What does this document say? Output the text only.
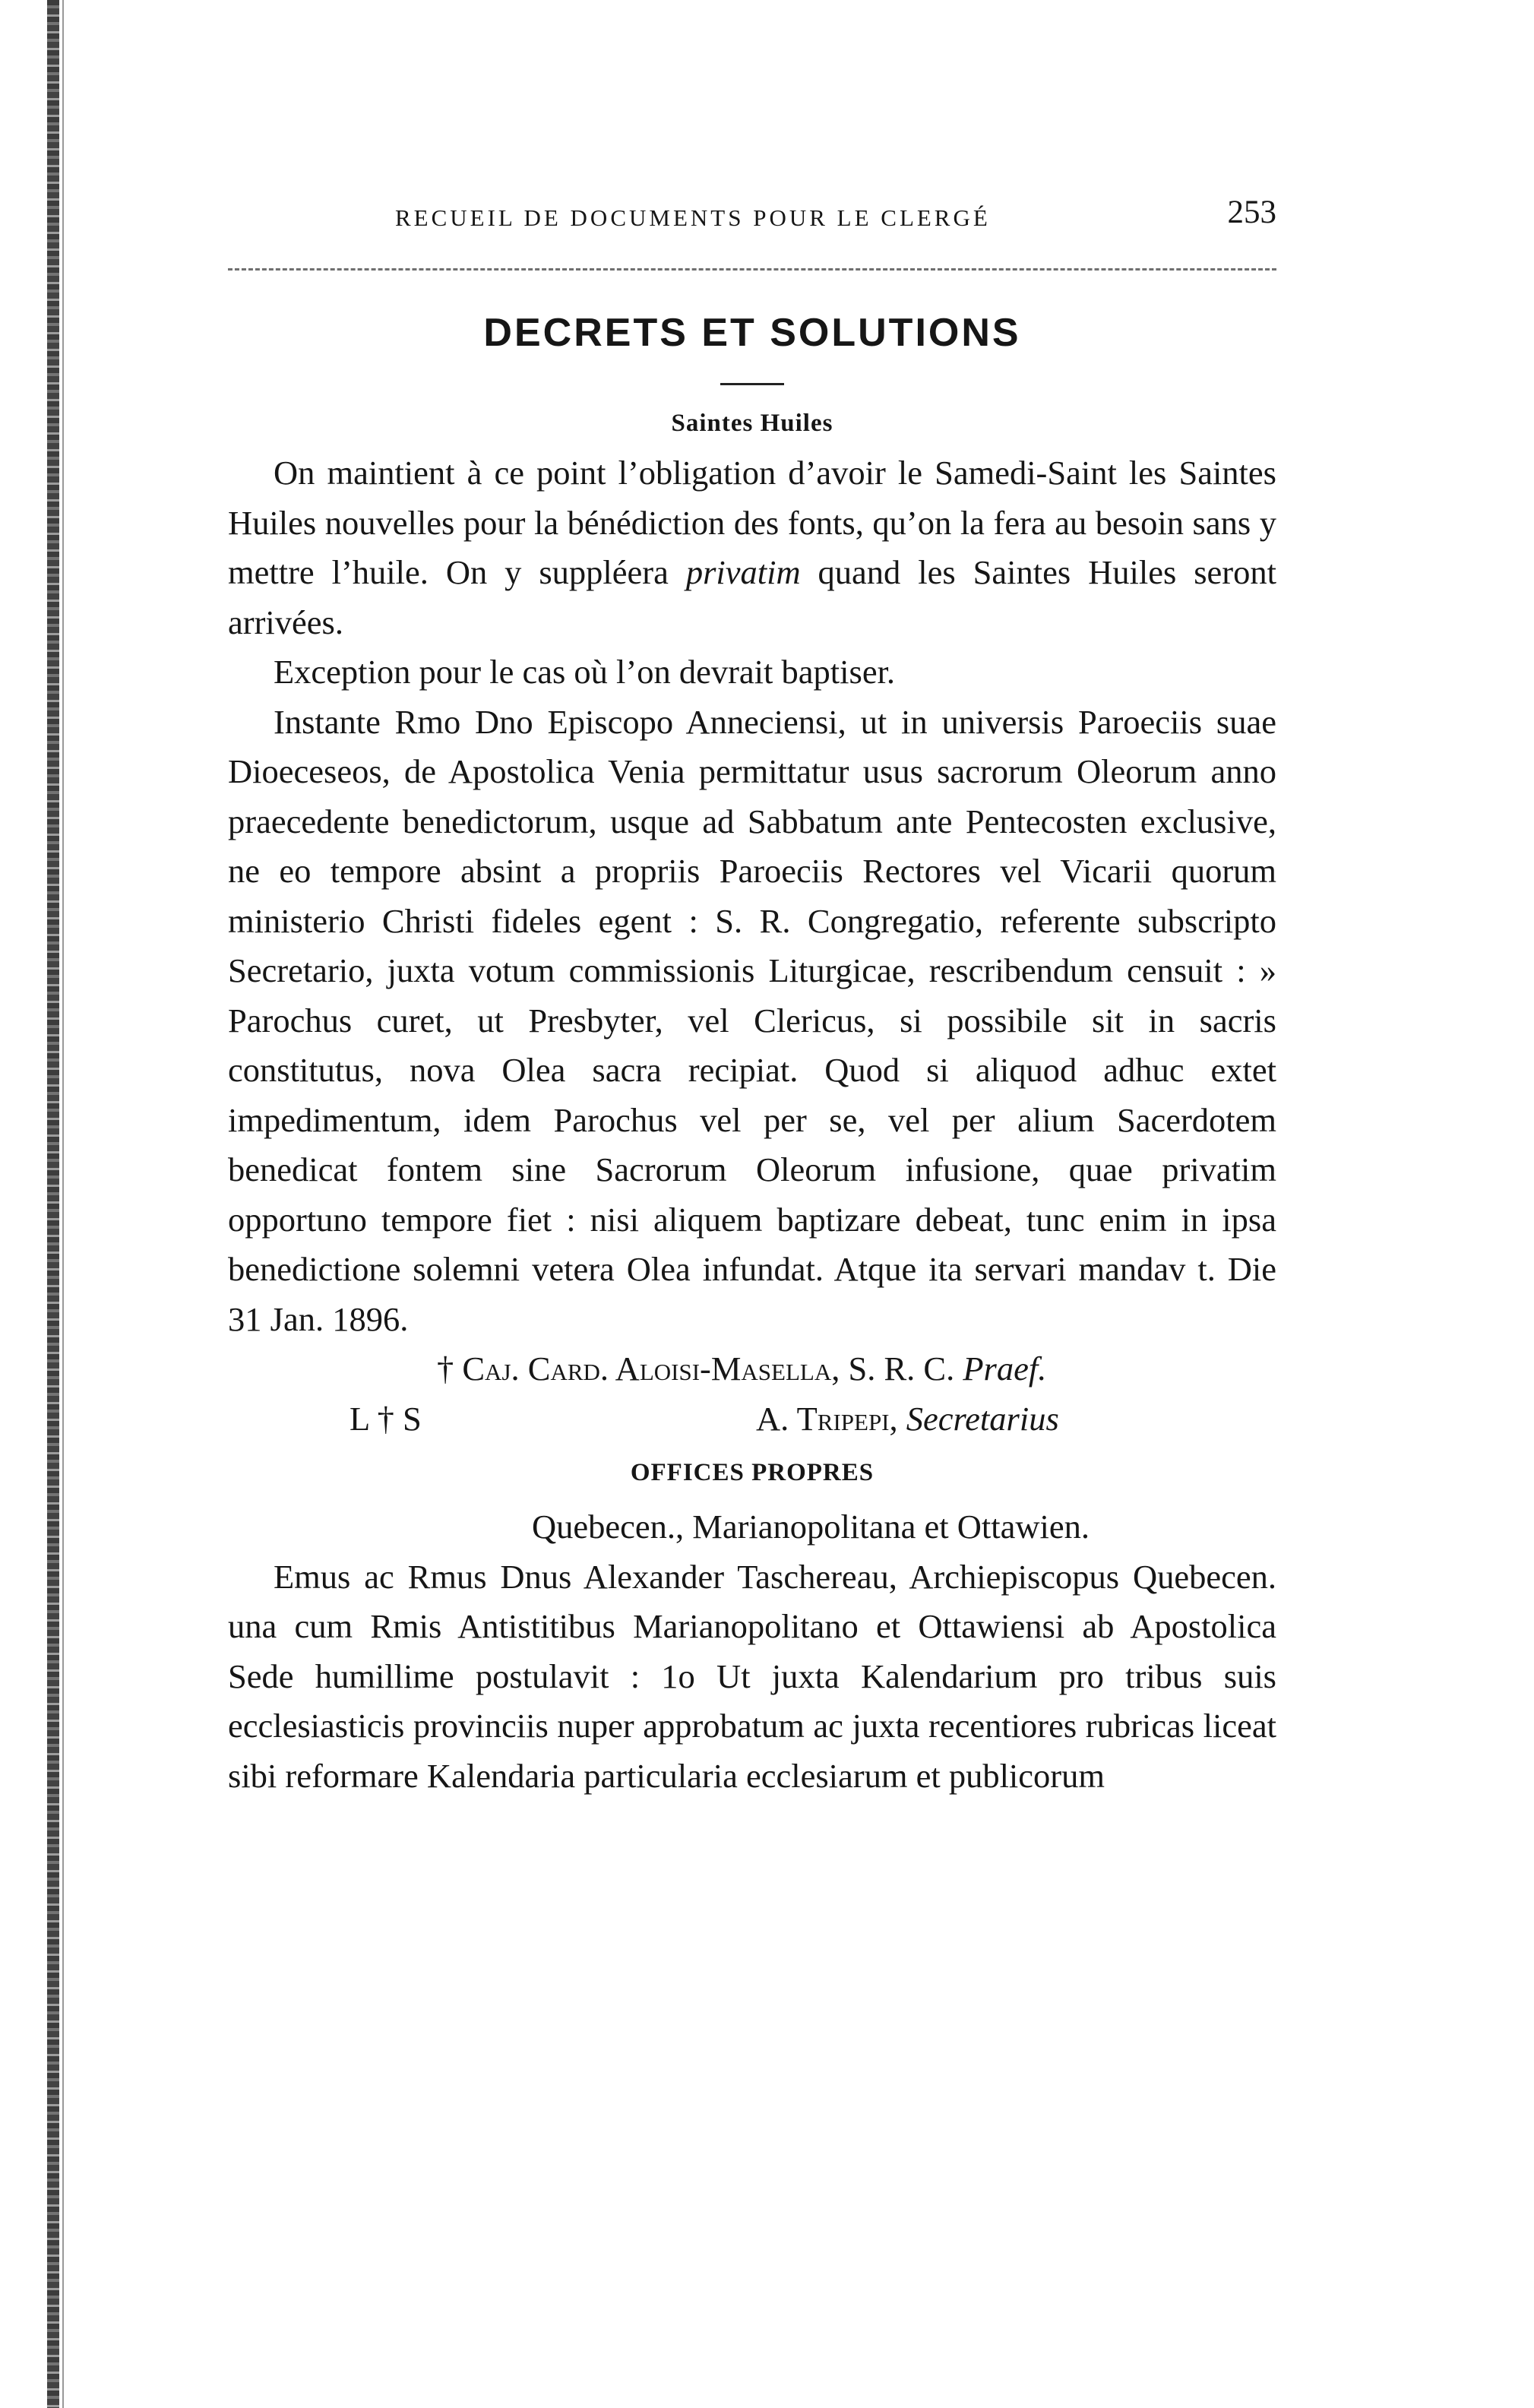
RECUEIL DE DOCUMENTS POUR LE CLERGÉ	253
DECRETS ET SOLUTIONS
Saintes Huiles

On maintient à ce point l’obligation d’avoir le Samedi-Saint les Saintes Huiles nouvelles pour la bénédiction des fonts, qu’on la fera au besoin sans y mettre l’huile. On y suppléera privatim quand les Saintes Huiles seront arrivées.

Exception pour le cas où l’on devrait baptiser.

Instante Rmo Dno Episcopo Anneciensi, ut in universis Paroeciis suae Dioeceseos, de Apostolica Venia permittatur usus sacrorum Oleorum anno praecedente benedictorum, usque ad Sabbatum ante Pentecosten exclusive, ne eo tempore absint a propriis Paroeciis Rectores vel Vicarii quorum ministerio Christi fideles egent : S. R. Congregatio, referente subscripto Secretario, juxta votum commissionis Liturgicae, rescribendum censuit : » Parochus curet, ut Presbyter, vel Clericus, si possibile sit in sacris constitutus, nova Olea sacra recipiat. Quod si aliquod adhuc extet impedimentum, idem Parochus vel per se, vel per alium Sacerdotem benedicat fontem sine Sacrorum Oleorum infusione, quae privatim opportuno tempore fiet : nisi aliquem baptizare debeat, tunc enim in ipsa benedictione solemni vetera Olea infundat. Atque ita servari mandav t. Die 31 Jan. 1896.

† Caj. Card. Aloisi-Masella, S. R. C. Praef.
L † S	A. Tripepi, Secretarius
OFFICES PROPRES
Quebecen., Marianopolitana et Ottawien.

Emus ac Rmus Dnus Alexander Taschereau, Archiepiscopus Quebecen. una cum Rmis Antistitibus Marianopolitano et Ottawiensi ab Apostolica Sede humillime postulavit : 1o Ut juxta Kalendarium pro tribus suis ecclesiasticis provinciis nuper approbatum ac juxta recentiores rubricas liceat sibi reformare Kalendaria particularia ecclesiarum et publicorum
